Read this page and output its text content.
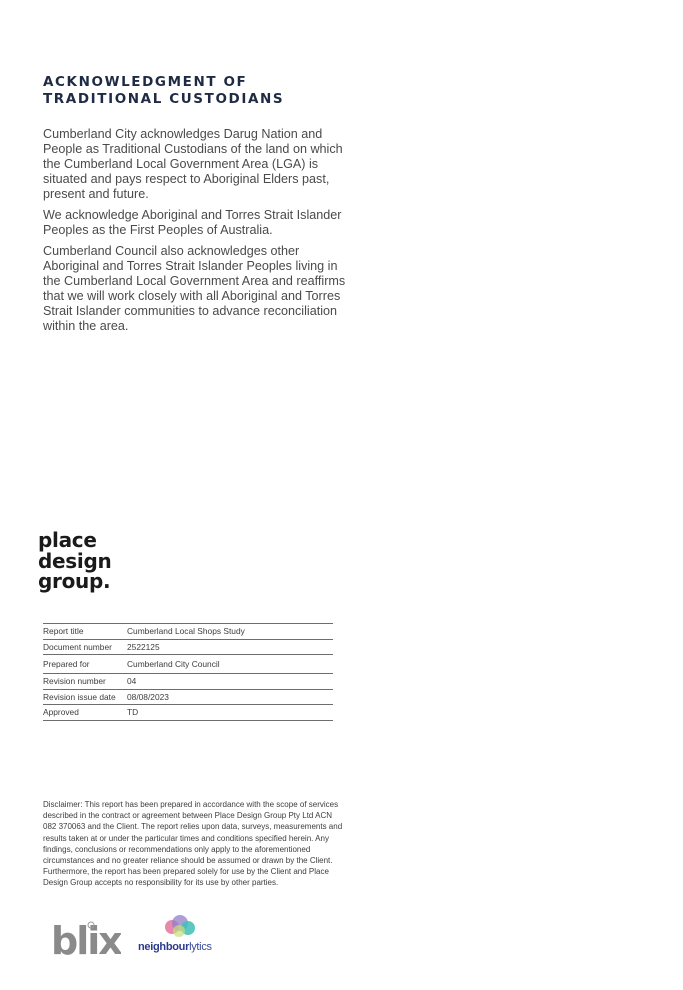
ACKNOWLEDGMENT OF TRADITIONAL CUSTODIANS

Cumberland City acknowledges Darug Nation and People as Traditional Custodians of the land on which the Cumberland Local Government Area (LGA) is situated and pays respect to Aboriginal Elders past, present and future.

We acknowledge Aboriginal and Torres Strait Islander Peoples as the First Peoples of Australia.

Cumberland Council also acknowledges other Aboriginal and Torres Strait Islander Peoples living in the Cumberland Local Government Area and reaffirms that we will work closely with all Aboriginal and Torres Strait Islander communities to advance reconciliation within the area.

place
design
group.
Report title	Cumberland Local Shops Study
Document number	2522125
Prepared for	Cumberland City Council
Revision number	04
Revision issue date	08/08/2023
Approved	TD

Disclaimer: This report has been prepared in accordance with the scope of services described in the contract or agreement between Place Design Group Pty Ltd ACN 082 370063 and the Client. The report relies upon data, surveys, measurements and results taken at or under the particular times and conditions specified herein. Any findings, conclusions or recommendations only apply to the aforementioned circumstances and no greater reliance should be assumed or drawn by the Client. Furthermore, the report has been prepared solely for use by the Client and Place Design Group accepts no responsibility for its use by other parties.

blix neighbourlytics
